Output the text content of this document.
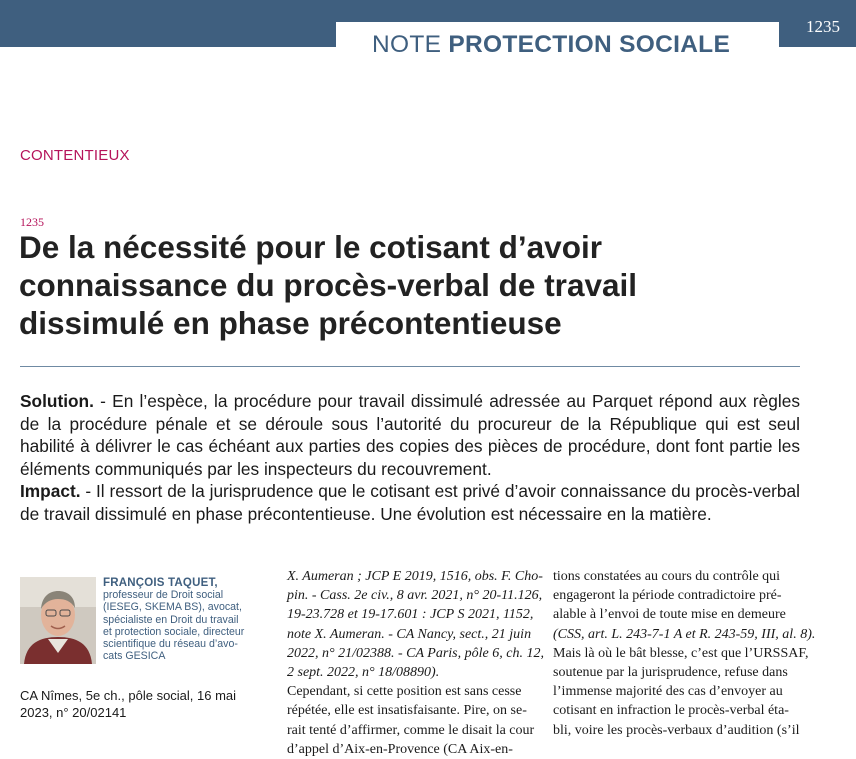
NOTE PROTECTION SOCIALE
1235
CONTENTIEUX
1235
De la nécessité pour le cotisant d’avoir
connaissance du procès-verbal de travail
dissimulé en phase précontentieuse

Solution. - En l’espèce, la procédure pour travail dissimulé adressée au Parquet répond aux règles de la procédure pénale et se déroule sous l’autorité du procureur de la République qui est seul habilité à délivrer le cas échéant aux parties des copies des pièces de procédure, dont font partie les éléments communiqués par les inspecteurs du recouvrement.

Impact. - Il ressort de la jurisprudence que le cotisant est privé d’avoir connaissance du procès-verbal de travail dissimulé en phase précontentieuse. Une évolution est nécessaire en la matière.

FRANÇOIS TAQUET,
professeur de Droit social
(IESEG, SKEMA BS), avocat,
spécialiste en Droit du travail
et protection sociale, directeur
scientifique du réseau d’avo-
cats GESICA
CA Nîmes, 5e ch., pôle social, 16 mai 2023, n° 20/02141
X. Aumeran ; JCP E 2019, 1516, obs. F. Cho-
pin. - Cass. 2e civ., 8 avr. 2021, n° 20-11.126,
19-23.728 et 19-17.601 : JCP S 2021, 1152,
note X. Aumeran. - CA Nancy, sect., 21 juin
2022, n° 21/02388. - CA Paris, pôle 6, ch. 12,
2 sept. 2022, n° 18/08890).
Cependant, si cette position est sans cesse
répétée, elle est insatisfaisante. Pire, on se-
rait tenté d’affirmer, comme le disait la cour
d’appel d’Aix-en-Provence (CA Aix-en-
tions constatées au cours du contrôle qui
engageront la période contradictoire pré-
alable à l’envoi de toute mise en demeure
(CSS, art. L. 243-7-1 A et R. 243-59, III, al. 8).
Mais là où le bât blesse, c’est que l’URSSAF,
soutenue par la jurisprudence, refuse dans
l’immense majorité des cas d’envoyer au
cotisant en infraction le procès-verbal éta-
bli, voire les procès-verbaux d’audition (s’il
